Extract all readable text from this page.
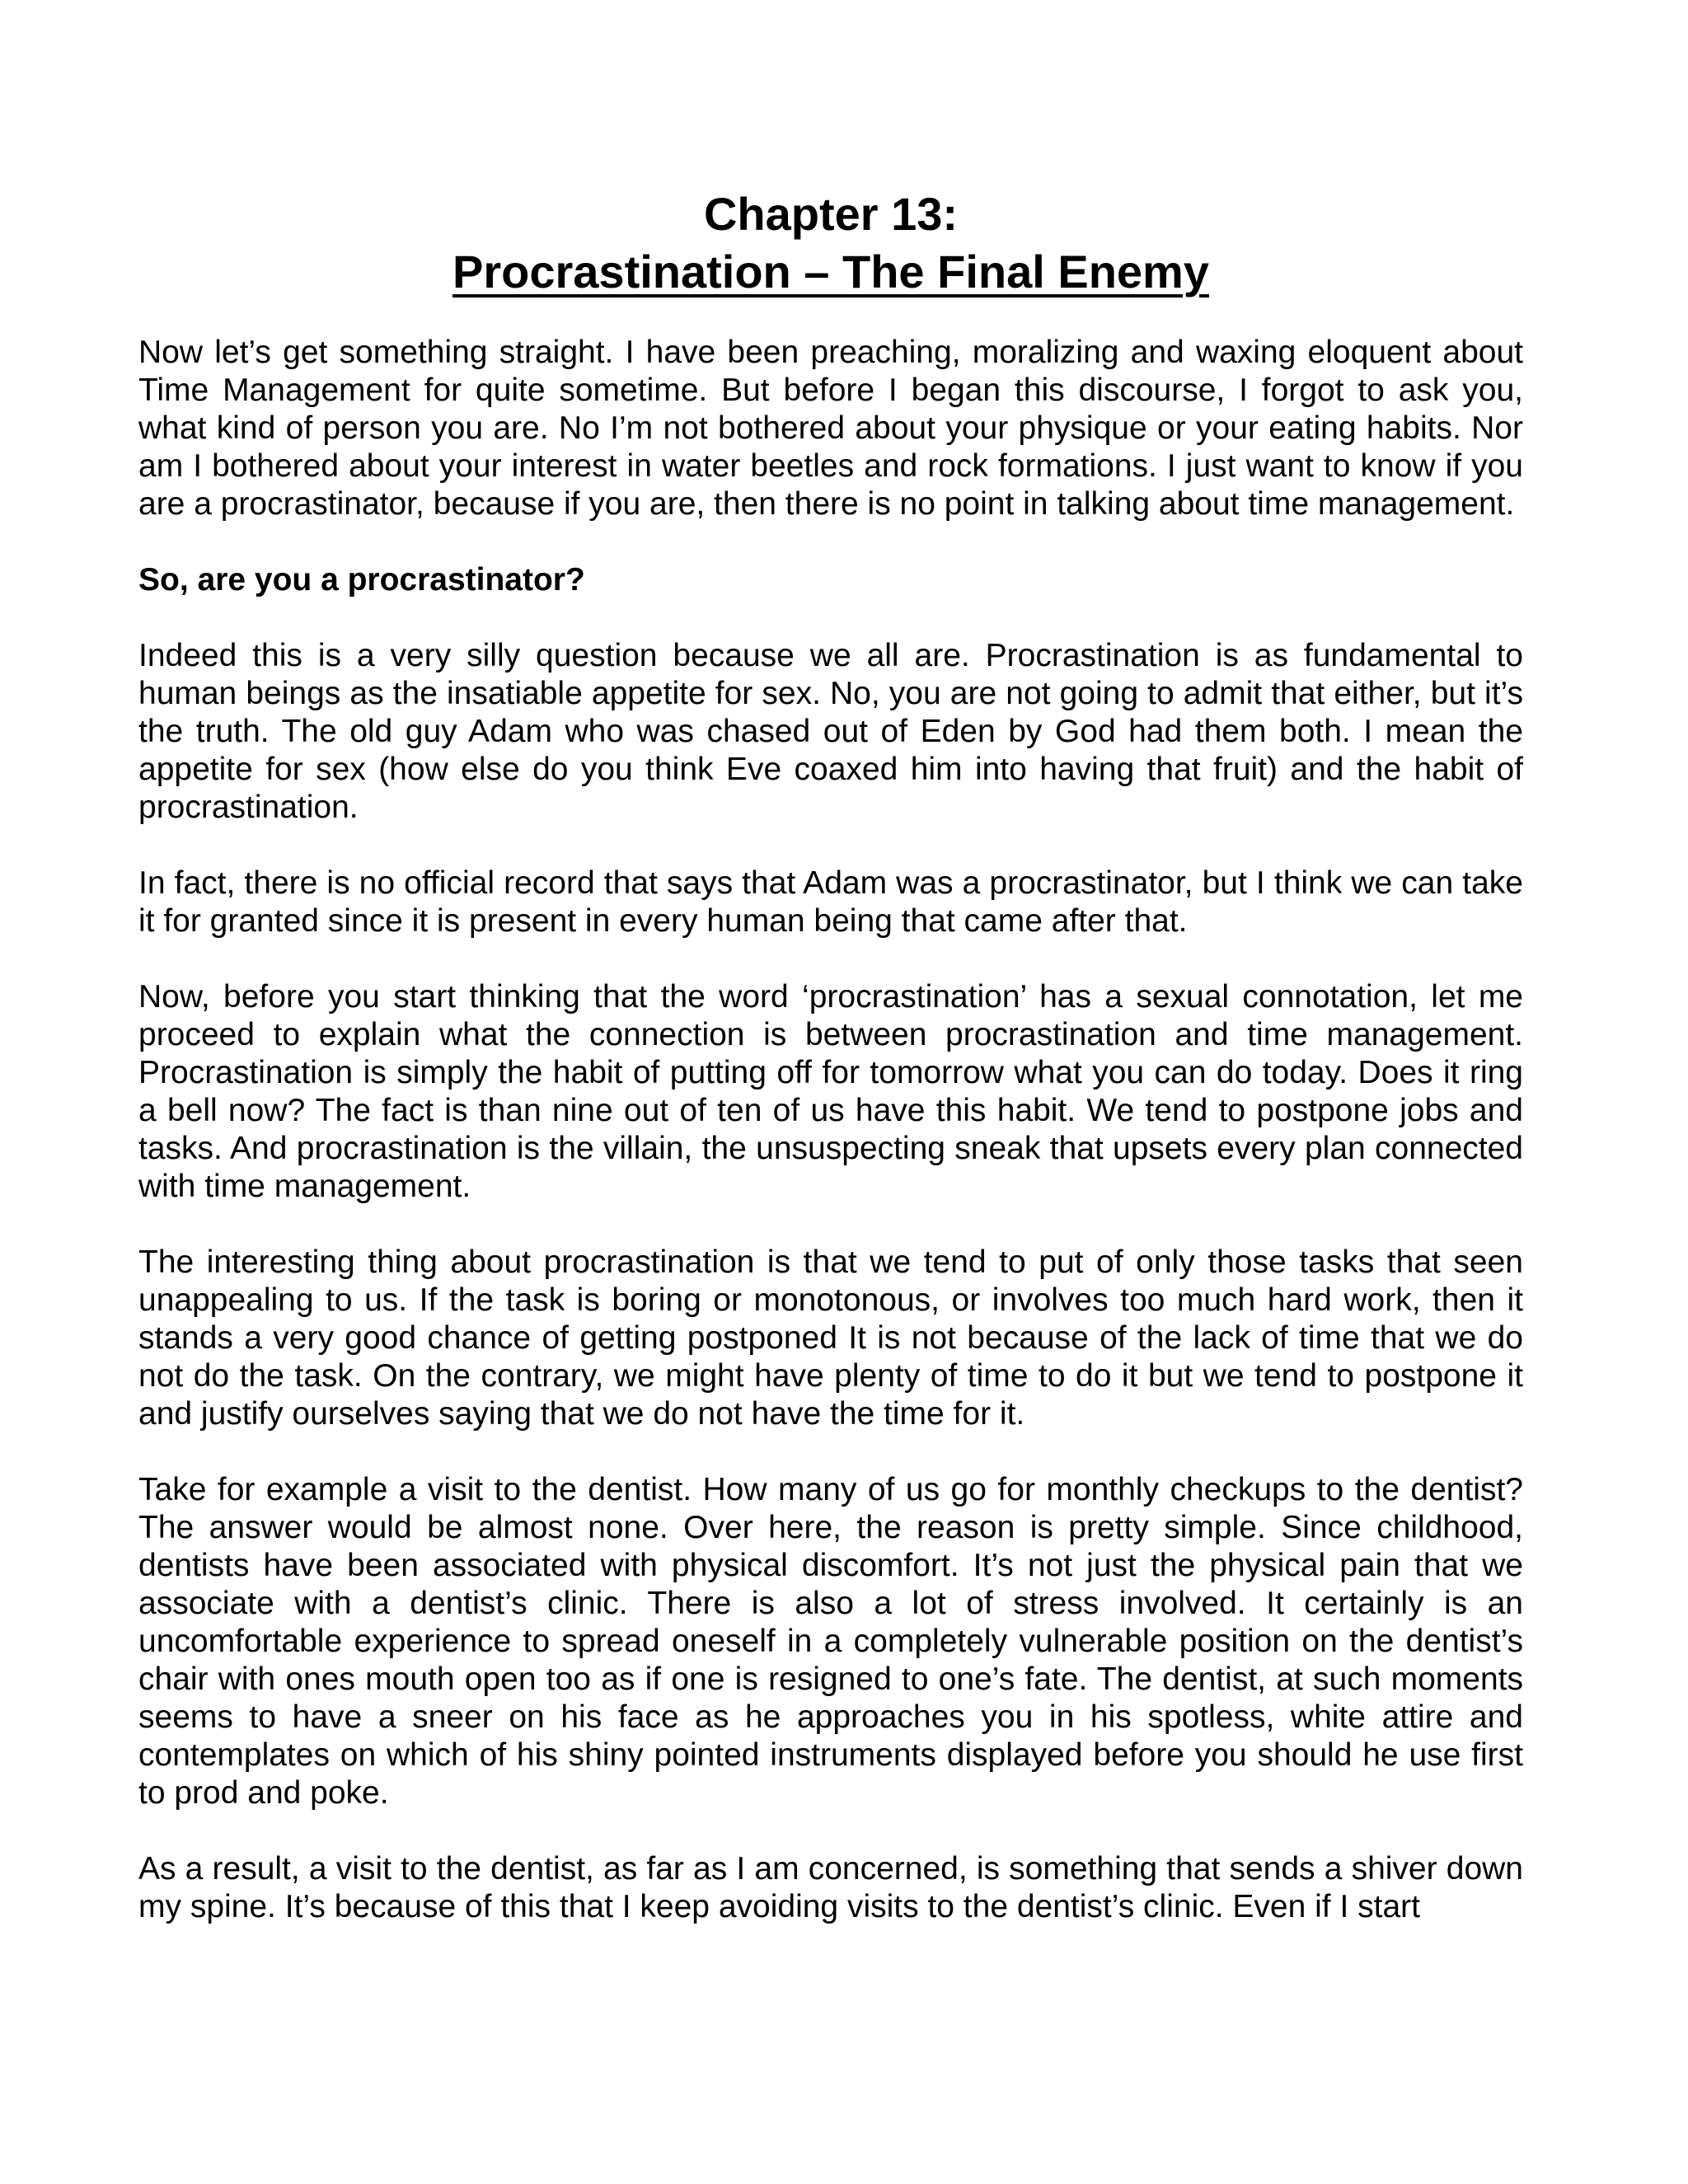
Chapter 13:
Procrastination – The Final Enemy

Now let’s get something straight. I have been preaching, moralizing and waxing eloquent about Time Management for quite sometime. But before I began this discourse, I forgot to ask you, what kind of person you are. No I’m not bothered about your physique or your eating habits. Nor am I bothered about your interest in water beetles and rock formations. I just want to know if you are a procrastinator, because if you are, then there is no point in talking about time management.

So, are you a procrastinator?

Indeed this is a very silly question because we all are. Procrastination is as fundamental to human beings as the insatiable appetite for sex. No, you are not going to admit that either, but it’s the truth. The old guy Adam who was chased out of Eden by God had them both. I mean the appetite for sex (how else do you think Eve coaxed him into having that fruit) and the habit of procrastination.

In fact, there is no official record that says that Adam was a procrastinator, but I think we can take it for granted since it is present in every human being that came after that.

Now, before you start thinking that the word ‘procrastination’ has a sexual connotation, let me proceed to explain what the connection is between procrastination and time management. Procrastination is simply the habit of putting off for tomorrow what you can do today. Does it ring a bell now? The fact is than nine out of ten of us have this habit. We tend to postpone jobs and tasks. And procrastination is the villain, the unsuspecting sneak that upsets every plan connected with time management.

The interesting thing about procrastination is that we tend to put of only those tasks that seen unappealing to us. If the task is boring or monotonous, or involves too much hard work, then it stands a very good chance of getting postponed It is not because of the lack of time that we do not do the task. On the contrary, we might have plenty of time to do it but we tend to postpone it and justify ourselves saying that we do not have the time for it.

Take for example a visit to the dentist. How many of us go for monthly checkups to the dentist? The answer would be almost none. Over here, the reason is pretty simple. Since childhood, dentists have been associated with physical discomfort. It’s not just the physical pain that we associate with a dentist’s clinic. There is also a lot of stress involved. It certainly is an uncomfortable experience to spread oneself in a completely vulnerable position on the dentist’s chair with ones mouth open too as if one is resigned to one’s fate. The dentist, at such moments seems to have a sneer on his face as he approaches you in his spotless, white attire and contemplates on which of his shiny pointed instruments displayed before you should he use first to prod and poke.

As a result, a visit to the dentist, as far as I am concerned, is something that sends a shiver down my spine. It’s because of this that I keep avoiding visits to the dentist’s clinic. Even if I start
